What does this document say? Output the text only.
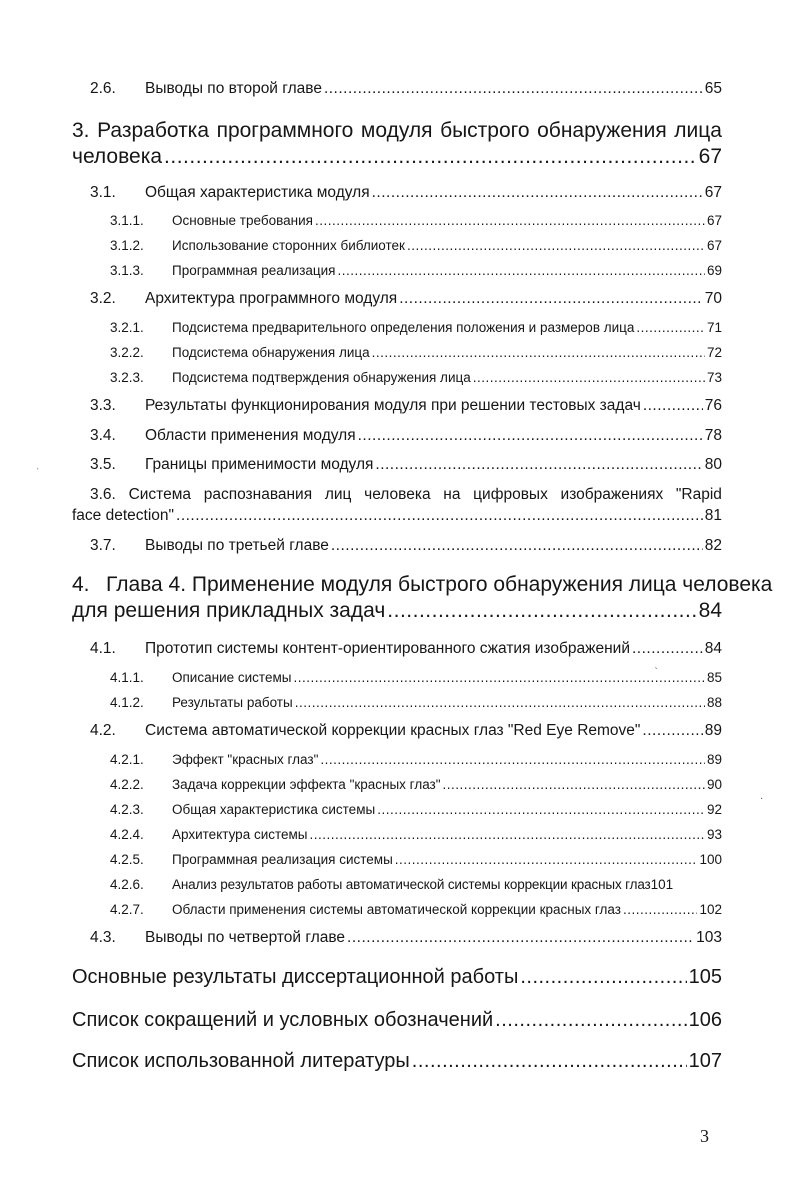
2.6.	Выводы по второй главе .....	65
3. Разработка программного модуля быстрого обнаружения лица
человека .....	67
3.1.	Общая характеристика модуля .....	67
3.1.1.	Основные требования .....	67
3.1.2.	Использование сторонних библиотек .....	67
3.1.3.	Программная реализация .....	69
3.2.	Архитектура программного модуля .....	70
3.2.1.	Подсистема предварительного определения положения и размеров лица .....	71
3.2.2.	Подсистема обнаружения лица .....	72
3.2.3.	Подсистема подтверждения обнаружения лица .....	73
3.3.	Результаты функционирования модуля при решении тестовых задач .....	76
3.4.	Области применения модуля .....	78
3.5.	Границы применимости модуля .....	80
3.6. Система распознавания лиц человека на цифровых изображениях "Rapid
face detection" .....	81
3.7.	Выводы по третьей главе .....	82
4. Глава 4. Применение модуля быстрого обнаружения лица человека
для решения прикладных задач .....	84
4.1.	Прототип системы контент-ориентированного сжатия изображений .....	84
4.1.1.	Описание системы .....	85
4.1.2.	Результаты работы .....	88
4.2.	Система автоматической коррекции красных глаз "Red Eye Remove" .....	89
4.2.1.	Эффект "красных глаз" .....	89
4.2.2.	Задача коррекции эффекта "красных глаз" .....	90
4.2.3.	Общая характеристика системы .....	92
4.2.4.	Архитектура системы .....	93
4.2.5.	Программная реализация системы .....	100
4.2.6.	Анализ результатов работы автоматической системы коррекции красных глаз 101
4.2.7.	Области применения системы автоматической коррекции красных глаз .....	102
4.3.	Выводы по четвертой главе .....	103
Основные результаты диссертационной работы .....	105
Список сокращений и условных обозначений .....	106
Список использованной литературы .....	107
ˈ
ˈ
·
3
